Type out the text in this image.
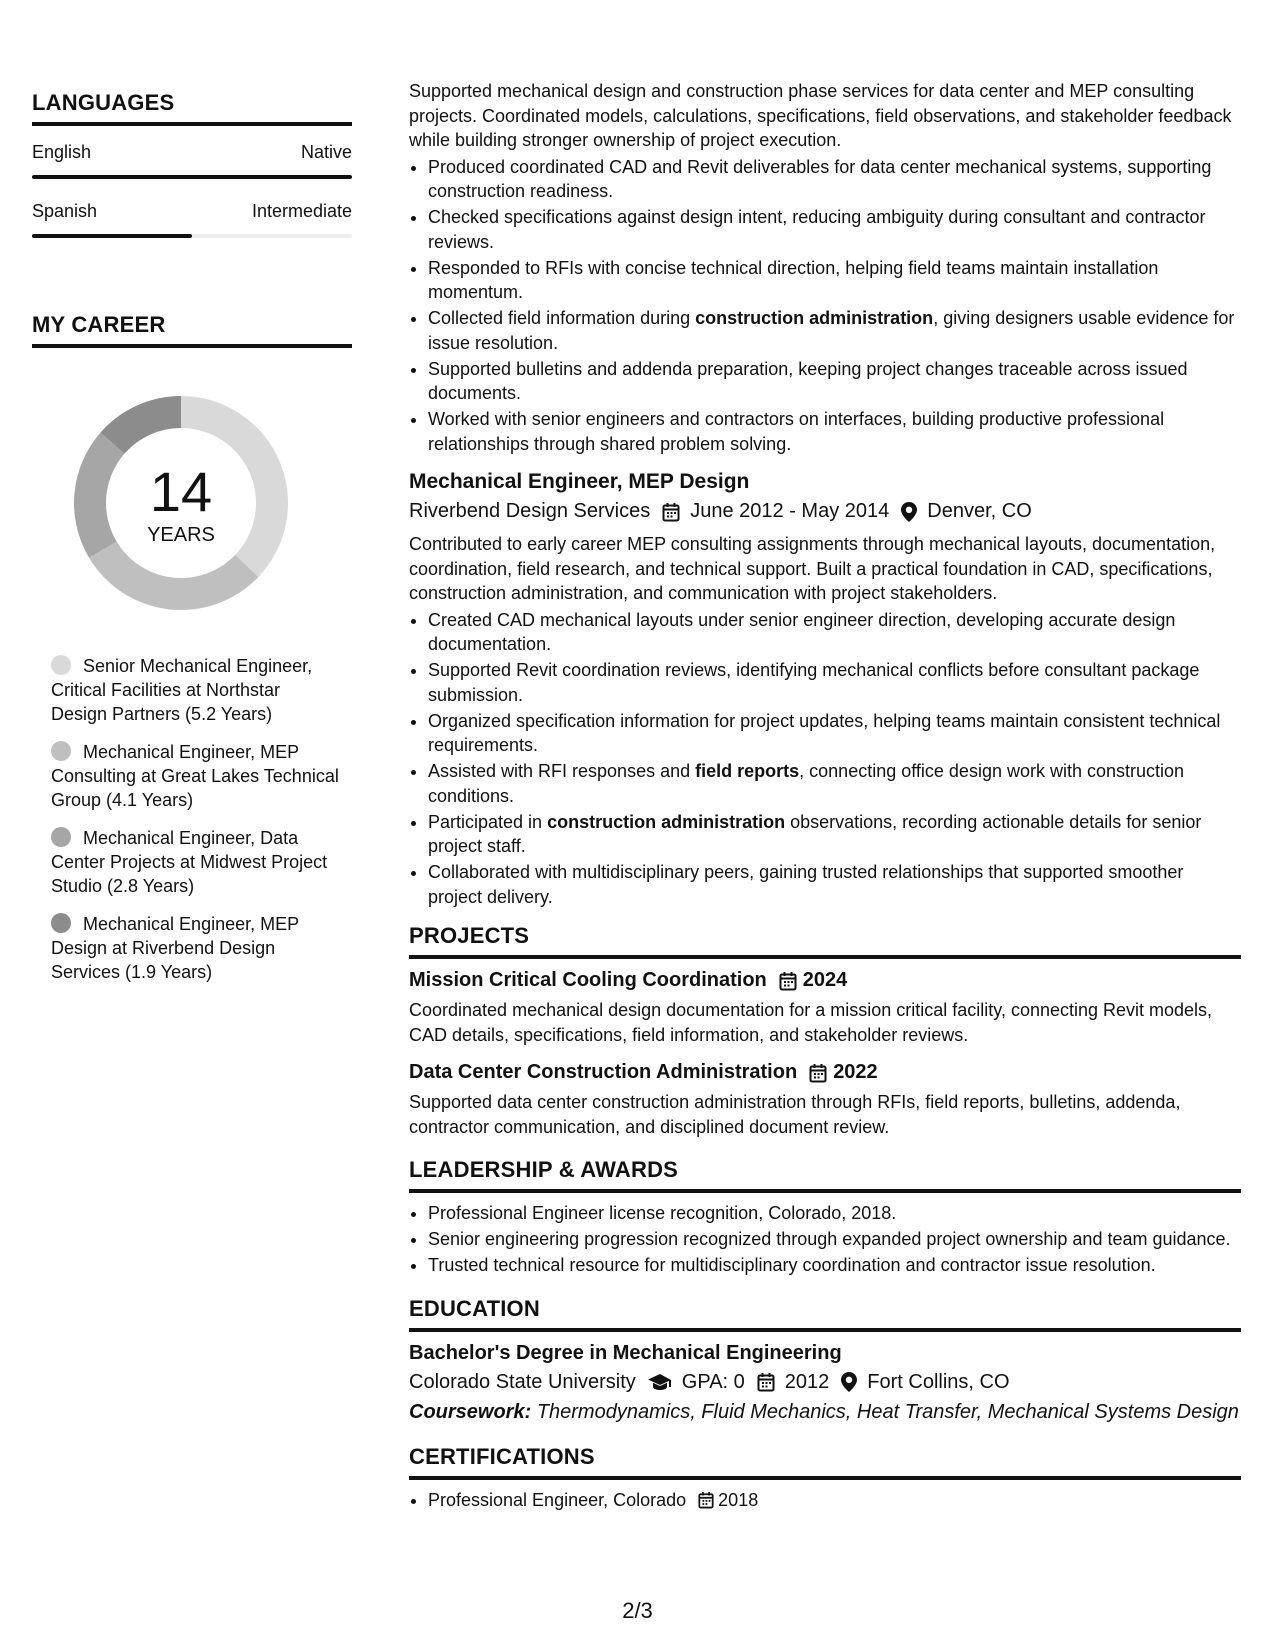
LANGUAGES
English	Native
Spanish	Intermediate
MY CAREER
14
YEARS
Senior Mechanical Engineer, Critical Facilities at Northstar Design Partners (5.2 Years)
Mechanical Engineer, MEP Consulting at Great Lakes Technical Group (4.1 Years)
Mechanical Engineer, Data Center Projects at Midwest Project Studio (2.8 Years)
Mechanical Engineer, MEP Design at Riverbend Design Services (1.9 Years)

Supported mechanical design and construction phase services for data center and MEP consulting projects. Coordinated models, calculations, specifications, field observations, and stakeholder feedback while building stronger ownership of project execution.

• Produced coordinated CAD and Revit deliverables for data center mechanical systems, supporting construction readiness.
• Checked specifications against design intent, reducing ambiguity during consultant and contractor reviews.
• Responded to RFIs with concise technical direction, helping field teams maintain installation momentum.
• Collected field information during construction administration, giving designers usable evidence for issue resolution.
• Supported bulletins and addenda preparation, keeping project changes traceable across issued documents.
• Worked with senior engineers and contractors on interfaces, building productive professional relationships through shared problem solving.
Mechanical Engineer, MEP Design
Riverbend Design Services June 2012 - May 2014 Denver, CO

Contributed to early career MEP consulting assignments through mechanical layouts, documentation, coordination, field research, and technical support. Built a practical foundation in CAD, specifications, construction administration, and communication with project stakeholders.

• Created CAD mechanical layouts under senior engineer direction, developing accurate design documentation.
• Supported Revit coordination reviews, identifying mechanical conflicts before consultant package submission.
• Organized specification information for project updates, helping teams maintain consistent technical requirements.
• Assisted with RFI responses and field reports, connecting office design work with construction conditions.
• Participated in construction administration observations, recording actionable details for senior project staff.
• Collaborated with multidisciplinary peers, gaining trusted relationships that supported smoother project delivery.
PROJECTS
Mission Critical Cooling Coordination 2024

Coordinated mechanical design documentation for a mission critical facility, connecting Revit models, CAD details, specifications, field information, and stakeholder reviews.

Data Center Construction Administration 2022

Supported data center construction administration through RFIs, field reports, bulletins, addenda, contractor communication, and disciplined document review.

LEADERSHIP & AWARDS
• Professional Engineer license recognition, Colorado, 2018.
• Senior engineering progression recognized through expanded project ownership and team guidance.
• Trusted technical resource for multidisciplinary coordination and contractor issue resolution.
EDUCATION
Bachelor's Degree in Mechanical Engineering
Colorado State University GPA: 0 2012 Fort Collins, CO
Coursework: Thermodynamics, Fluid Mechanics, Heat Transfer, Mechanical Systems Design
CERTIFICATIONS
• Professional Engineer, Colorado 2018
2/3
